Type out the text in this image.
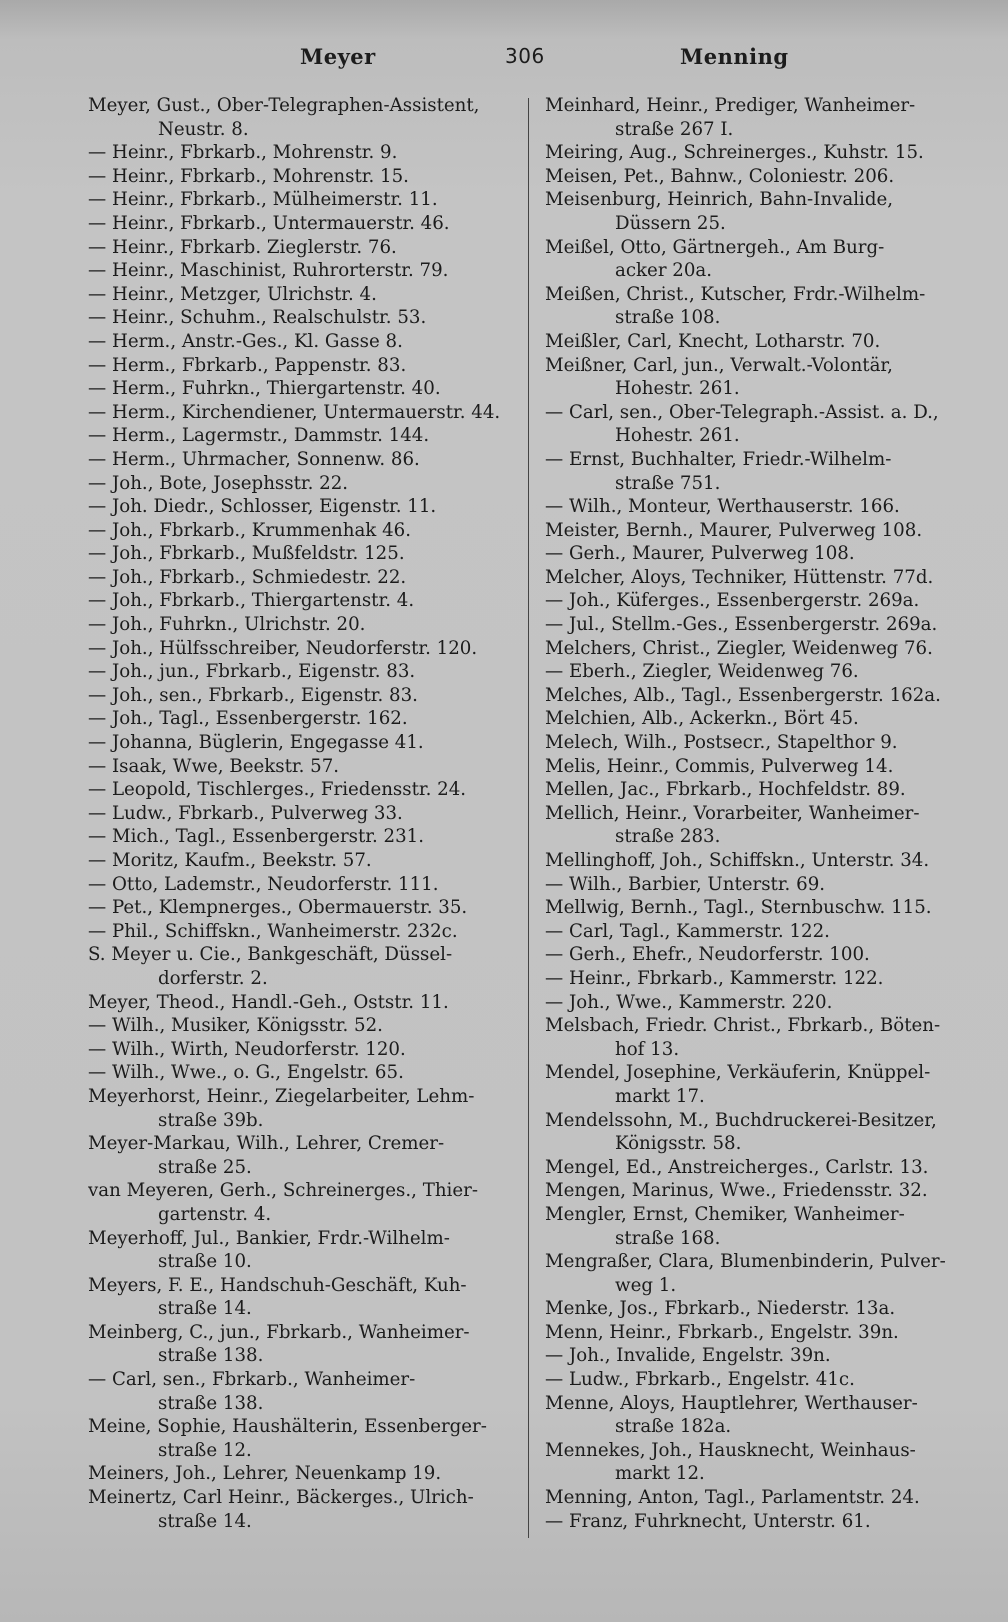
Meyer	306	Menning
Meyer, Gust., Ober-Telegraphen-Assistent,
Neustr. 8.
— Heinr., Fbrkarb., Mohrenstr. 9.
— Heinr., Fbrkarb., Mohrenstr. 15.
— Heinr., Fbrkarb., Mülheimerstr. 11.
— Heinr., Fbrkarb., Untermauerstr. 46.
— Heinr., Fbrkarb. Zieglerstr. 76.
— Heinr., Maschinist, Ruhrorterstr. 79.
— Heinr., Metzger, Ulrichstr. 4.
— Heinr., Schuhm., Realschulstr. 53.
— Herm., Anstr.-Ges., Kl. Gasse 8.
— Herm., Fbrkarb., Pappenstr. 83.
— Herm., Fuhrkn., Thiergartenstr. 40.
— Herm., Kirchendiener, Untermauerstr. 44.
— Herm., Lagermstr., Dammstr. 144.
— Herm., Uhrmacher, Sonnenw. 86.
— Joh., Bote, Josephsstr. 22.
— Joh. Diedr., Schlosser, Eigenstr. 11.
— Joh., Fbrkarb., Krummenhak 46.
— Joh., Fbrkarb., Mußfeldstr. 125.
— Joh., Fbrkarb., Schmiedestr. 22.
— Joh., Fbrkarb., Thiergartenstr. 4.
— Joh., Fuhrkn., Ulrichstr. 20.
— Joh., Hülfsschreiber, Neudorferstr. 120.
— Joh., jun., Fbrkarb., Eigenstr. 83.
— Joh., sen., Fbrkarb., Eigenstr. 83.
— Joh., Tagl., Essenbergerstr. 162.
— Johanna, Büglerin, Engegasse 41.
— Isaak, Wwe, Beekstr. 57.
— Leopold, Tischlerges., Friedensstr. 24.
— Ludw., Fbrkarb., Pulverweg 33.
— Mich., Tagl., Essenbergerstr. 231.
— Moritz, Kaufm., Beekstr. 57.
— Otto, Lademstr., Neudorferstr. 111.
— Pet., Klempnerges., Obermauerstr. 35.
— Phil., Schiffskn., Wanheimerstr. 232c.
S. Meyer u. Cie., Bankgeschäft, Düssel-
dorferstr. 2.
Meyer, Theod., Handl.-Geh., Oststr. 11.
— Wilh., Musiker, Königsstr. 52.
— Wilh., Wirth, Neudorferstr. 120.
— Wilh., Wwe., o. G., Engelstr. 65.
Meyerhorst, Heinr., Ziegelarbeiter, Lehm-
straße 39b.
Meyer-Markau, Wilh., Lehrer, Cremer-
straße 25.
van Meyeren, Gerh., Schreinerges., Thier-
gartenstr. 4.
Meyerhoff, Jul., Bankier, Frdr.-Wilhelm-
straße 10.
Meyers, F. E., Handschuh-Geschäft, Kuh-
straße 14.
Meinberg, C., jun., Fbrkarb., Wanheimer-
straße 138.
— Carl, sen., Fbrkarb., Wanheimer-
straße 138.
Meine, Sophie, Haushälterin, Essenberger-
straße 12.
Meiners, Joh., Lehrer, Neuenkamp 19.
Meinertz, Carl Heinr., Bäckerges., Ulrich-
straße 14.
Meinhard, Heinr., Prediger, Wanheimer-
straße 267 I.
Meiring, Aug., Schreinerges., Kuhstr. 15.
Meisen, Pet., Bahnw., Coloniestr. 206.
Meisenburg, Heinrich, Bahn-Invalide,
Düssern 25.
Meißel, Otto, Gärtnergeh., Am Burg-
acker 20a.
Meißen, Christ., Kutscher, Frdr.-Wilhelm-
straße 108.
Meißler, Carl, Knecht, Lotharstr. 70.
Meißner, Carl, jun., Verwalt.-Volontär,
Hohestr. 261.
— Carl, sen., Ober-Telegraph.-Assist. a. D.,
Hohestr. 261.
— Ernst, Buchhalter, Friedr.-Wilhelm-
straße 751.
— Wilh., Monteur, Werthauserstr. 166.
Meister, Bernh., Maurer, Pulverweg 108.
— Gerh., Maurer, Pulverweg 108.
Melcher, Aloys, Techniker, Hüttenstr. 77d.
— Joh., Küferges., Essenbergerstr. 269a.
— Jul., Stellm.-Ges., Essenbergerstr. 269a.
Melchers, Christ., Ziegler, Weidenweg 76.
— Eberh., Ziegler, Weidenweg 76.
Melches, Alb., Tagl., Essenbergerstr. 162a.
Melchien, Alb., Ackerkn., Bört 45.
Melech, Wilh., Postsecr., Stapelthor 9.
Melis, Heinr., Commis, Pulverweg 14.
Mellen, Jac., Fbrkarb., Hochfeldstr. 89.
Mellich, Heinr., Vorarbeiter, Wanheimer-
straße 283.
Mellinghoff, Joh., Schiffskn., Unterstr. 34.
— Wilh., Barbier, Unterstr. 69.
Mellwig, Bernh., Tagl., Sternbuschw. 115.
— Carl, Tagl., Kammerstr. 122.
— Gerh., Ehefr., Neudorferstr. 100.
— Heinr., Fbrkarb., Kammerstr. 122.
— Joh., Wwe., Kammerstr. 220.
Melsbach, Friedr. Christ., Fbrkarb., Böten-
hof 13.
Mendel, Josephine, Verkäuferin, Knüppel-
markt 17.
Mendelssohn, M., Buchdruckerei-Besitzer,
Königsstr. 58.
Mengel, Ed., Anstreicherges., Carlstr. 13.
Mengen, Marinus, Wwe., Friedensstr. 32.
Mengler, Ernst, Chemiker, Wanheimer-
straße 168.
Mengraßer, Clara, Blumenbinderin, Pulver-
weg 1.
Menke, Jos., Fbrkarb., Niederstr. 13a.
Menn, Heinr., Fbrkarb., Engelstr. 39n.
— Joh., Invalide, Engelstr. 39n.
— Ludw., Fbrkarb., Engelstr. 41c.
Menne, Aloys, Hauptlehrer, Werthauser-
straße 182a.
Mennekes, Joh., Hausknecht, Weinhaus-
markt 12.
Menning, Anton, Tagl., Parlamentstr. 24.
— Franz, Fuhrknecht, Unterstr. 61.
